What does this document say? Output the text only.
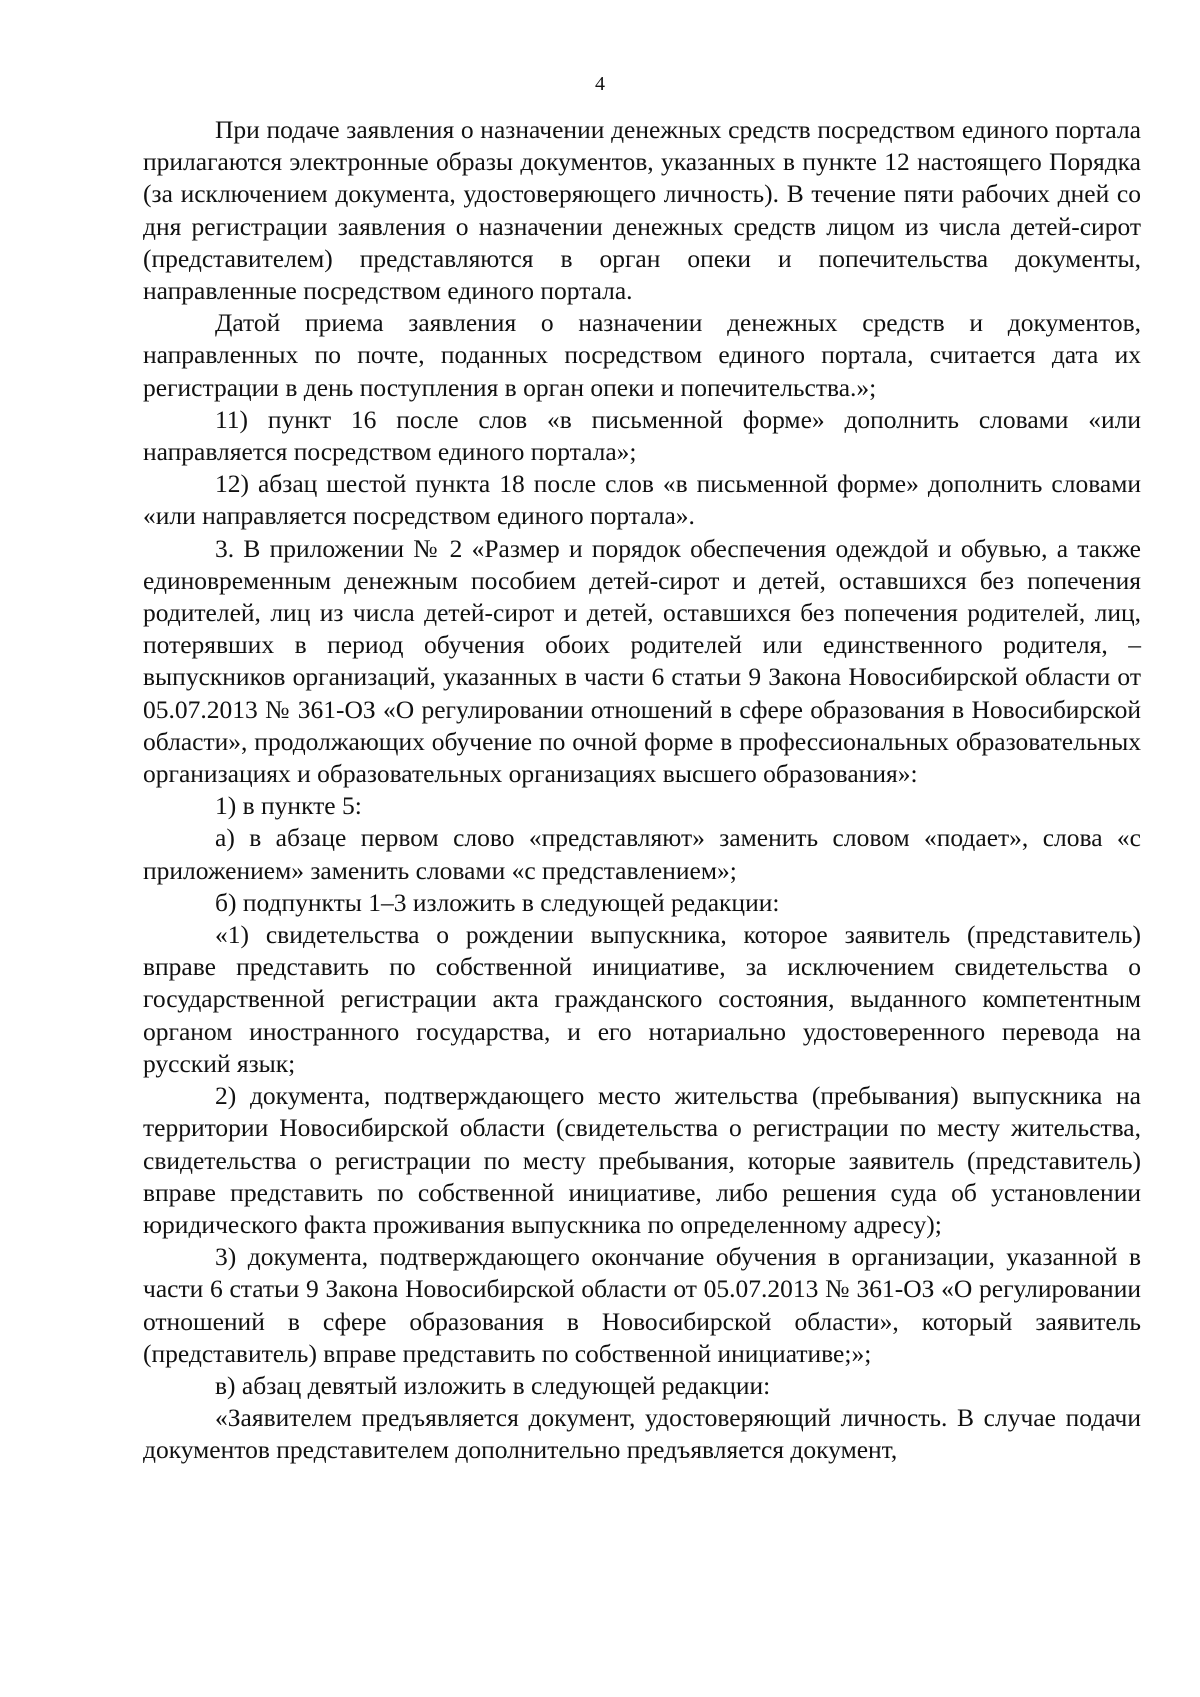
4

При подаче заявления о назначении денежных средств посредством единого портала прилагаются электронные образы документов, указанных в пункте 12 настоящего Порядка (за исключением документа, удостоверяющего личность). В течение пяти рабочих дней со дня регистрации заявления о назначении денежных средств лицом из числа детей-сирот (представителем) представляются в орган опеки и попечительства документы, направленные посредством единого портала.

Датой приема заявления о назначении денежных средств и документов, направленных по почте, поданных посредством единого портала, считается дата их регистрации в день поступления в орган опеки и попечительства.»;

11) пункт 16 после слов «в письменной форме» дополнить словами «или направляется посредством единого портала»;

12) абзац шестой пункта 18 после слов «в письменной форме» дополнить словами «или направляется посредством единого портала».

3. В приложении № 2 «Размер и порядок обеспечения одеждой и обувью, а также единовременным денежным пособием детей-сирот и детей, оставшихся без попечения родителей, лиц из числа детей-сирот и детей, оставшихся без попечения родителей, лиц, потерявших в период обучения обоих родителей или единственного родителя, – выпускников организаций, указанных в части 6 статьи 9 Закона Новосибирской области от 05.07.2013 № 361-ОЗ «О регулировании отношений в сфере образования в Новосибирской области», продолжающих обучение по очной форме в профессиональных образовательных организациях и образовательных организациях высшего образования»:

1) в пункте 5:

а) в абзаце первом слово «представляют» заменить словом «подает», слова «с приложением» заменить словами «с представлением»;

б) подпункты 1–3 изложить в следующей редакции:

«1) свидетельства о рождении выпускника, которое заявитель (представитель) вправе представить по собственной инициативе, за исключением свидетельства о государственной регистрации акта гражданского состояния, выданного компетентным органом иностранного государства, и его нотариально удостоверенного перевода на русский язык;

2) документа, подтверждающего место жительства (пребывания) выпускника на территории Новосибирской области (свидетельства о регистрации по месту жительства, свидетельства о регистрации по месту пребывания, которые заявитель (представитель) вправе представить по собственной инициативе, либо решения суда об установлении юридического факта проживания выпускника по определенному адресу);

3) документа, подтверждающего окончание обучения в организации, указанной в части 6 статьи 9 Закона Новосибирской области от 05.07.2013 № 361-ОЗ «О регулировании отношений в сфере образования в Новосибирской области», который заявитель (представитель) вправе представить по собственной инициативе;»;

в) абзац девятый изложить в следующей редакции:

«Заявителем предъявляется документ, удостоверяющий личность. В случае подачи документов представителем дополнительно предъявляется документ,
